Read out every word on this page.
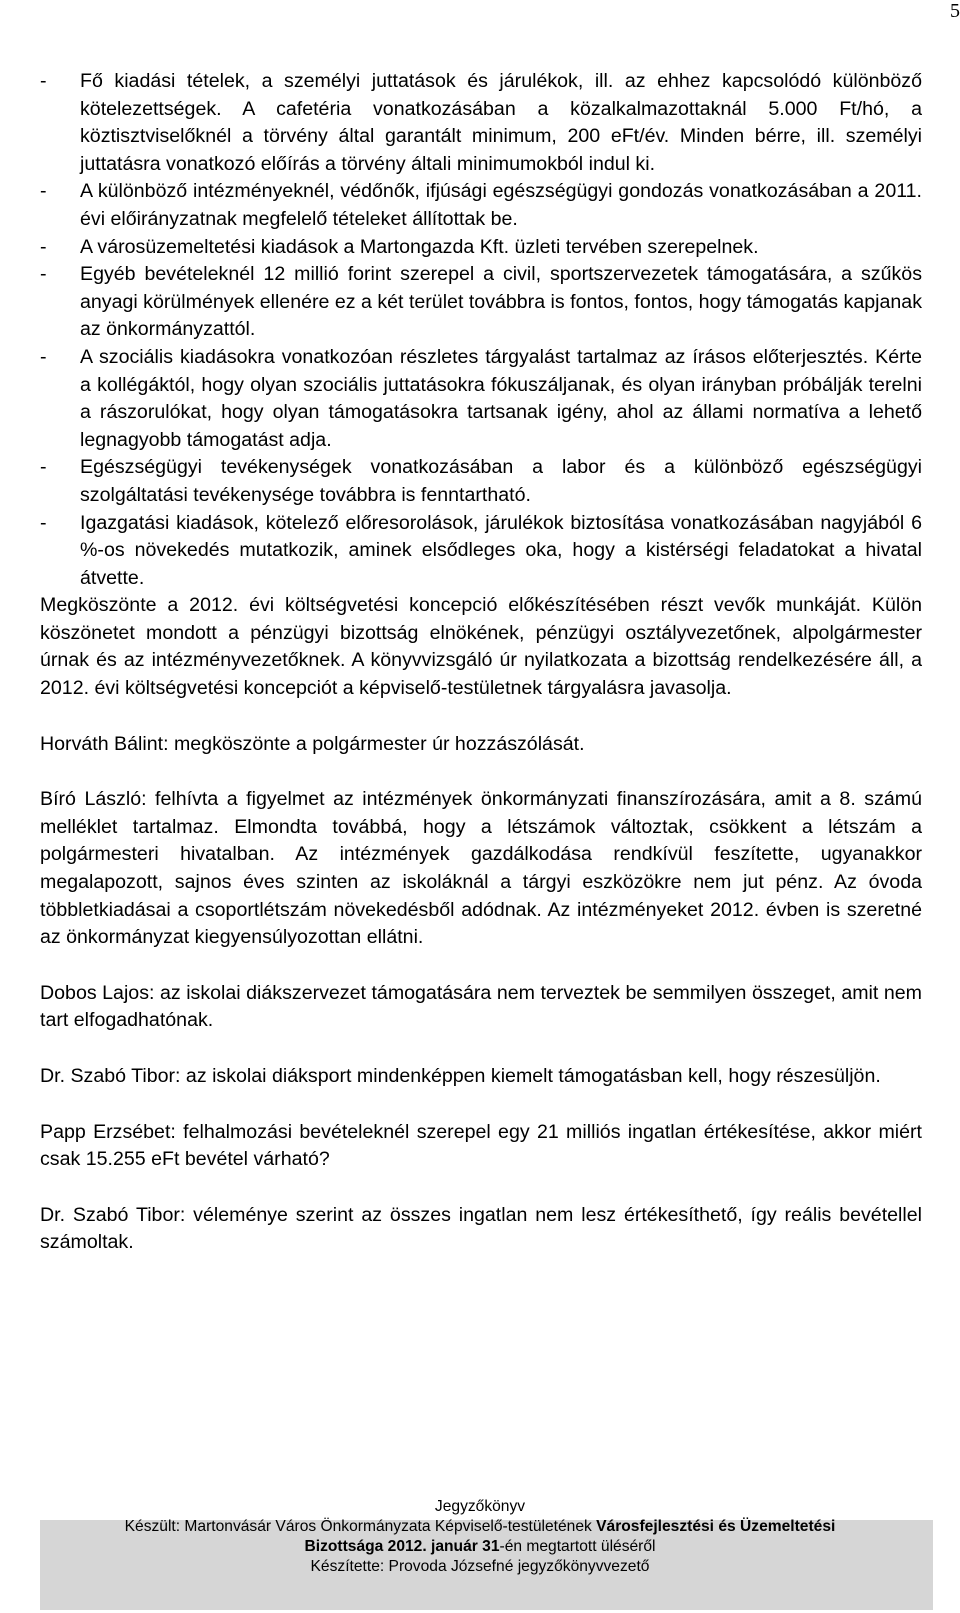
5
- Fő kiadási tételek, a személyi juttatások és járulékok, ill. az ehhez kapcsolódó különböző kötelezettségek. A cafetéria vonatkozásában a közalkalmazottaknál 5.000 Ft/hó, a köztisztviselőknél a törvény által garantált minimum, 200 eFt/év. Minden bérre, ill. személyi juttatásra vonatkozó előírás a törvény általi minimumokból indul ki.
- A különböző intézményeknél, védőnők, ifjúsági egészségügyi gondozás vonatkozásában a 2011. évi előirányzatnak megfelelő tételeket állítottak be.
- A városüzemeltetési kiadások a Martongazda Kft. üzleti tervében szerepelnek.
- Egyéb bevételeknél 12 millió forint szerepel a civil, sportszervezetek támogatására, a szűkös anyagi körülmények ellenére ez a két terület továbbra is fontos, fontos, hogy támogatás kapjanak az önkormányzattól.
- A szociális kiadásokra vonatkozóan részletes tárgyalást tartalmaz az írásos előterjesztés. Kérte a kollégáktól, hogy olyan szociális juttatásokra fókuszáljanak, és olyan irányban próbálják terelni a rászorulókat, hogy olyan támogatásokra tartsanak igény, ahol az állami normatíva a lehető legnagyobb támogatást adja.
- Egészségügyi tevékenységek vonatkozásában a labor és a különböző egészségügyi szolgáltatási tevékenysége továbbra is fenntartható.
- Igazgatási kiadások, kötelező előresorolások, járulékok biztosítása vonatkozásában nagyjából 6 %-os növekedés mutatkozik, aminek elsődleges oka, hogy a kistérségi feladatokat a hivatal átvette.

Megköszönte a 2012. évi költségvetési koncepció előkészítésében részt vevők munkáját. Külön köszönetet mondott a pénzügyi bizottság elnökének, pénzügyi osztályvezetőnek, alpolgármester úrnak és az intézményvezetőknek. A könyvvizsgáló úr nyilatkozata a bizottság rendelkezésére áll, a 2012. évi költségvetési koncepciót a képviselő-testületnek tárgyalásra javasolja.

Horváth Bálint: megköszönte a polgármester úr hozzászólását.

Bíró László: felhívta a figyelmet az intézmények önkormányzati finanszírozására, amit a 8. számú melléklet tartalmaz. Elmondta továbbá, hogy a létszámok változtak, csökkent a létszám a polgármesteri hivatalban. Az intézmények gazdálkodása rendkívül feszítette, ugyanakkor megalapozott, sajnos éves szinten az iskoláknál a tárgyi eszközökre nem jut pénz. Az óvoda többletkiadásai a csoportlétszám növekedésből adódnak. Az intézményeket 2012. évben is szeretné az önkormányzat kiegyensúlyozottan ellátni.

Dobos Lajos: az iskolai diákszervezet támogatására nem terveztek be semmilyen összeget, amit nem tart elfogadhatónak.

Dr. Szabó Tibor: az iskolai diáksport mindenképpen kiemelt támogatásban kell, hogy részesüljön.

Papp Erzsébet: felhalmozási bevételeknél szerepel egy 21 milliós ingatlan értékesítése, akkor miért csak 15.255 eFt bevétel várható?

Dr. Szabó Tibor: véleménye szerint az összes ingatlan nem lesz értékesíthető, így reális bevétellel számoltak.

Jegyzőkönyv
Készült: Martonvásár Város Önkormányzata Képviselő-testületének Városfejlesztési és Üzemeltetési
Bizottsága 2012. január 31-én megtartott üléséről
Készítette: Provoda Józsefné jegyzőkönyvvezető
